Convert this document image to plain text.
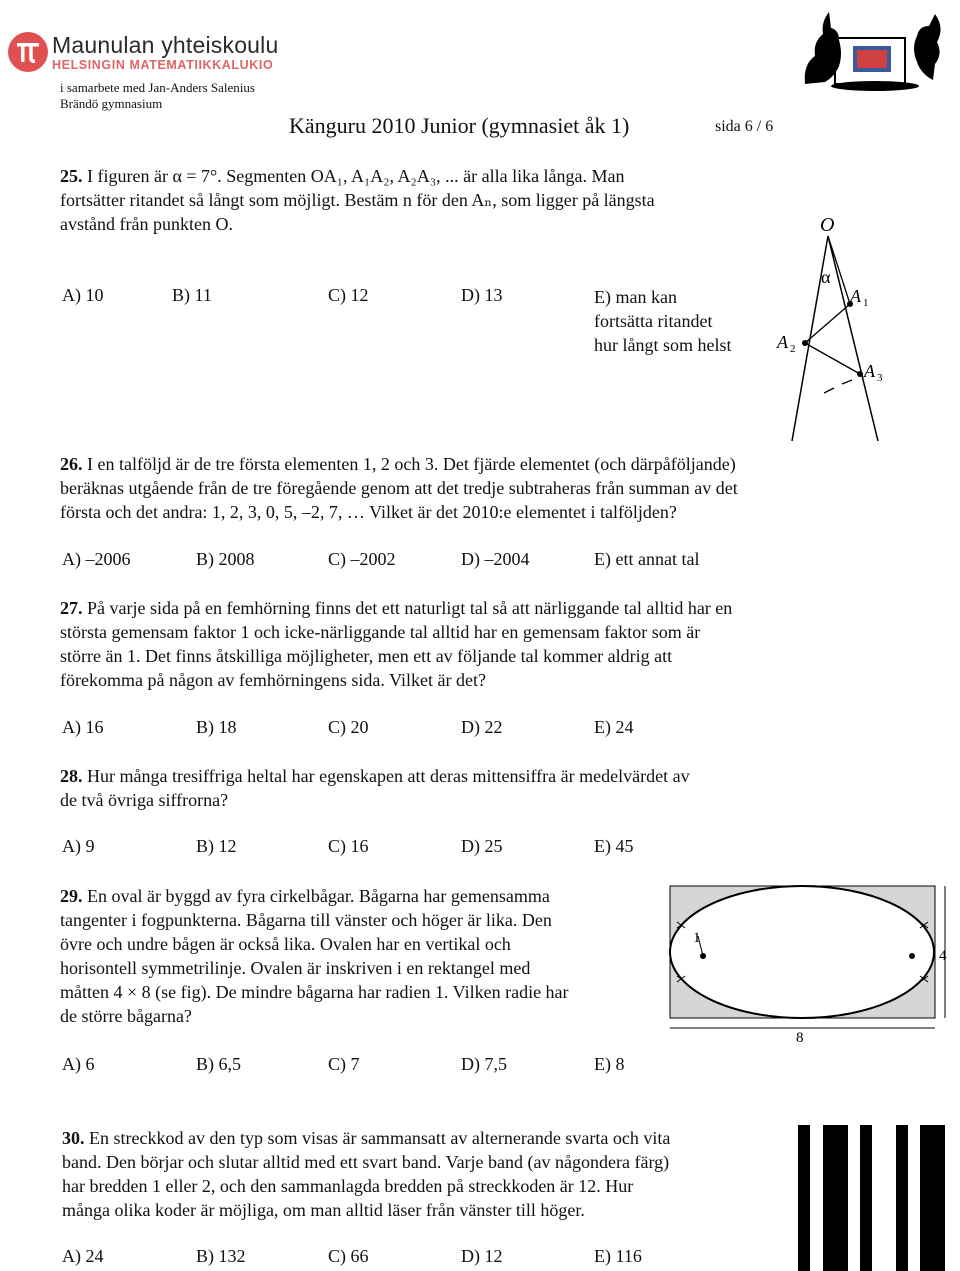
Maunulan yhteiskoulu
HELSINGIN MATEMATIIKKALUKIO
i samarbete med Jan-Anders Salenius
Brändö gymnasium
Känguru 2010 Junior (gymnasiet åk 1)	sida 6 / 6
25. I figuren är α = 7°. Segmenten OA₁, A₁A₂, A₂A₃, ... är alla lika långa. Man
fortsätter ritandet så långt som möjligt. Bestäm n för den Aₙ, som ligger på längsta
avstånd från punkten O.
A) 10	B) 11	C) 12	D) 13	E) man kan
fortsätta ritandet
hur långt som helst
O
α
A 1
A 2
A 3
26. I en talföljd är de tre första elementen 1, 2 och 3. Det fjärde elementet (och därpåföljande)
beräknas utgående från de tre föregående genom att det tredje subtraheras från summan av det
första och det andra: 1, 2, 3, 0, 5, –2, 7, … Vilket är det 2010:e elementet i talföljden?
A) –2006	B) 2008	C) –2002	D) –2004	E) ett annat tal
27. På varje sida på en femhörning finns det ett naturligt tal så att närliggande tal alltid har en
största gemensam faktor 1 och icke-närliggande tal alltid har en gemensam faktor som är
större än 1. Det finns åtskilliga möjligheter, men ett av följande tal kommer aldrig att
förekomma på någon av femhörningens sida. Vilket är det?
A) 16	B) 18	C) 20	D) 22	E) 24
28. Hur många tresiffriga heltal har egenskapen att deras mittensiffra är medelvärdet av
de två övriga siffrorna?
A) 9	B) 12	C) 16	D) 25	E) 45
29. En oval är byggd av fyra cirkelbågar. Bågarna har gemensamma
tangenter i fogpunkterna. Bågarna till vänster och höger är lika. Den
övre och undre bågen är också lika. Ovalen har en vertikal och
horisontell symmetrilinje. Ovalen är inskriven i en rektangel med
måtten 4 × 8 (se fig). De mindre bågarna har radien 1. Vilken radie har
de större bågarna?
A) 6	B) 6,5	C) 7	D) 7,5	E) 8
1
4
8
30. En streckkod av den typ som visas är sammansatt av alternerande svarta och vita
band. Den börjar och slutar alltid med ett svart band. Varje band (av någondera färg)
har bredden 1 eller 2, och den sammanlagda bredden på streckkoden är 12. Hur
många olika koder är möjliga, om man alltid läser från vänster till höger.
A) 24	B) 132	C) 66	D) 12	E) 116
